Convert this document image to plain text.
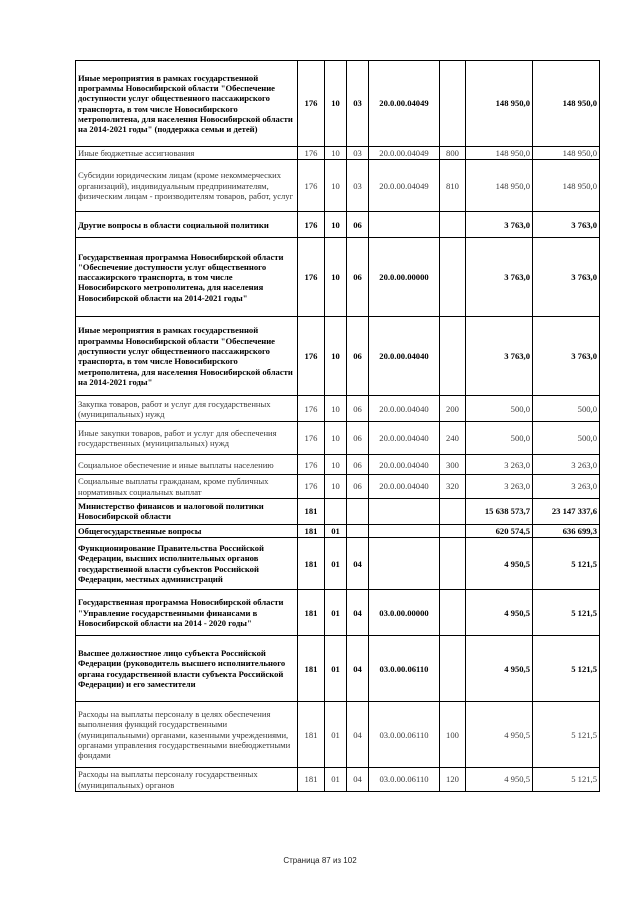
Иные мероприятия в рамках государственной программы Новосибирской области "Обеспечение доступности услуг общественного пассажирского транспорта, в том числе Новосибирского метрополитена, для населения Новосибирской области на 2014-2021 годы" (поддержка семьи и детей)	176	10	03	20.0.00.04049		148 950,0	148 950,0
Иные бюджетные ассигнования	176	10	03	20.0.00.04049	800	148 950,0	148 950,0
Субсидии юридическим лицам (кроме некоммерческих организаций), индивидуальным предпринимателям, физическим лицам - производителям товаров, работ, услуг	176	10	03	20.0.00.04049	810	148 950,0	148 950,0
Другие вопросы в области социальной политики	176	10	06			3 763,0	3 763,0
Государственная программа Новосибирской области "Обеспечение доступности услуг общественного пассажирского транспорта, в том числе Новосибирского метрополитена, для населения Новосибирской области на 2014-2021 годы"	176	10	06	20.0.00.00000		3 763,0	3 763,0
Иные мероприятия в рамках государственной программы Новосибирской области "Обеспечение доступности услуг общественного пассажирского транспорта, в том числе Новосибирского метрополитена, для населения Новосибирской области на 2014-2021 годы"	176	10	06	20.0.00.04040		3 763,0	3 763,0
Закупка товаров, работ и услуг для государственных (муниципальных) нужд	176	10	06	20.0.00.04040	200	500,0	500,0
Иные закупки товаров, работ и услуг для обеспечения государственных (муниципальных) нужд	176	10	06	20.0.00.04040	240	500,0	500,0
Социальное обеспечение и иные выплаты населению	176	10	06	20.0.00.04040	300	3 263,0	3 263,0
Социальные выплаты гражданам, кроме публичных нормативных социальных выплат	176	10	06	20.0.00.04040	320	3 263,0	3 263,0
Министерство финансов и налоговой политики Новосибирской области	181					15 638 573,7	23 147 337,6
Общегосударственные вопросы	181	01				620 574,5	636 699,3
Функционирование Правительства Российской Федерации, высших исполнительных органов государственной власти субъектов Российской Федерации, местных администраций	181	01	04			4 950,5	5 121,5
Государственная программа Новосибирской области "Управление государственными финансами в Новосибирской области на 2014 - 2020 годы"	181	01	04	03.0.00.00000		4 950,5	5 121,5
Высшее должностное лицо субъекта Российской Федерации (руководитель высшего исполнительного органа государственной власти субъекта Российской Федерации) и его заместители	181	01	04	03.0.00.06110		4 950,5	5 121,5
Расходы на выплаты персоналу в целях обеспечения выполнения функций государственными (муниципальными) органами, казенными учреждениями, органами управления государственными внебюджетными фондами	181	01	04	03.0.00.06110	100	4 950,5	5 121,5
Расходы на выплаты персоналу государственных (муниципальных) органов	181	01	04	03.0.00.06110	120	4 950,5	5 121,5
Страница 87 из 102
